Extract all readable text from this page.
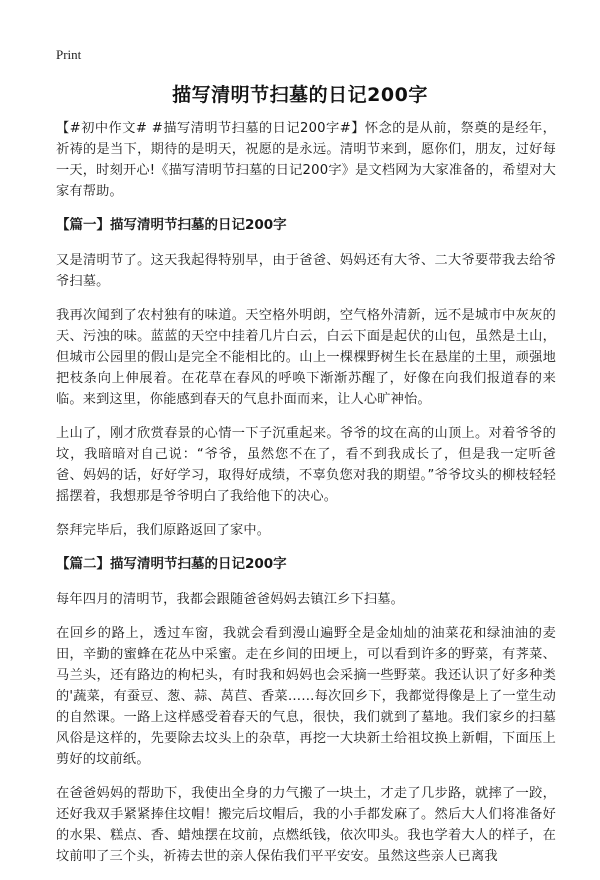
Print
描写清明节扫墓的日记200字

【#初中作文# #描写清明节扫墓的日记200字#】怀念的是从前，祭奠的是经年，祈祷的是当下，期待的是明天，祝愿的是永远。清明节来到，愿你们，朋友，过好每一天，时刻开心!《描写清明节扫墓的日记200字》是文档网为大家准备的，希望对大家有帮助。

【篇一】描写清明节扫墓的日记200字

又是清明节了。这天我起得特别早，由于爸爸、妈妈还有大爷、二大爷要带我去给爷爷扫墓。

我再次闻到了农村独有的味道。天空格外明朗，空气格外清新，远不是城市中灰灰的天、污浊的味。蓝蓝的天空中挂着几片白云，白云下面是起伏的山包，虽然是土山，但城市公园里的假山是完全不能相比的。山上一棵棵野树生长在悬崖的土里，顽强地把枝条向上伸展着。在花草在春风的呼唤下渐渐苏醒了，好像在向我们报道春的来临。来到这里，你能感到春天的气息扑面而来，让人心旷神怡。

上山了，刚才欣赏春景的心情一下子沉重起来。爷爷的坟在高的山顶上。对着爷爷的坟，我暗暗对自己说：“爷爷，虽然您不在了，看不到我成长了，但是我一定听爸爸、妈妈的话，好好学习，取得好成绩，不辜负您对我的期望。”爷爷坟头的柳枝轻轻摇摆着，我想那是爷爷明白了我给他下的决心。

祭拜完毕后，我们原路返回了家中。

【篇二】描写清明节扫墓的日记200字

每年四月的清明节，我都会跟随爸爸妈妈去镇江乡下扫墓。

在回乡的路上，透过车窗，我就会看到漫山遍野全是金灿灿的油菜花和绿油油的麦田，辛勤的蜜蜂在花丛中采蜜。走在乡间的田埂上，可以看到许多的野菜，有荠菜、马兰头，还有路边的枸杞头，有时我和妈妈也会采摘一些野菜。我还认识了好多种类的'蔬菜，有蚕豆、葱、蒜、莴苣、香菜……每次回乡下，我都觉得像是上了一堂生动的自然课。一路上这样感受着春天的气息，很快，我们就到了墓地。我们家乡的扫墓风俗是这样的，先要除去坟头上的杂草，再挖一大块新土给祖坟换上新帽，下面压上剪好的坟前纸。

在爸爸妈妈的帮助下，我使出全身的力气搬了一块土，才走了几步路，就摔了一跤，还好我双手紧紧捧住坟帽！搬完后坟帽后，我的小手都发麻了。然后大人们将准备好的水果、糕点、香、蜡烛摆在坟前，点燃纸钱，依次叩头。我也学着大人的样子，在坟前叩了三个头，祈祷去世的亲人保佑我们平平安安。虽然这些亲人已离我
